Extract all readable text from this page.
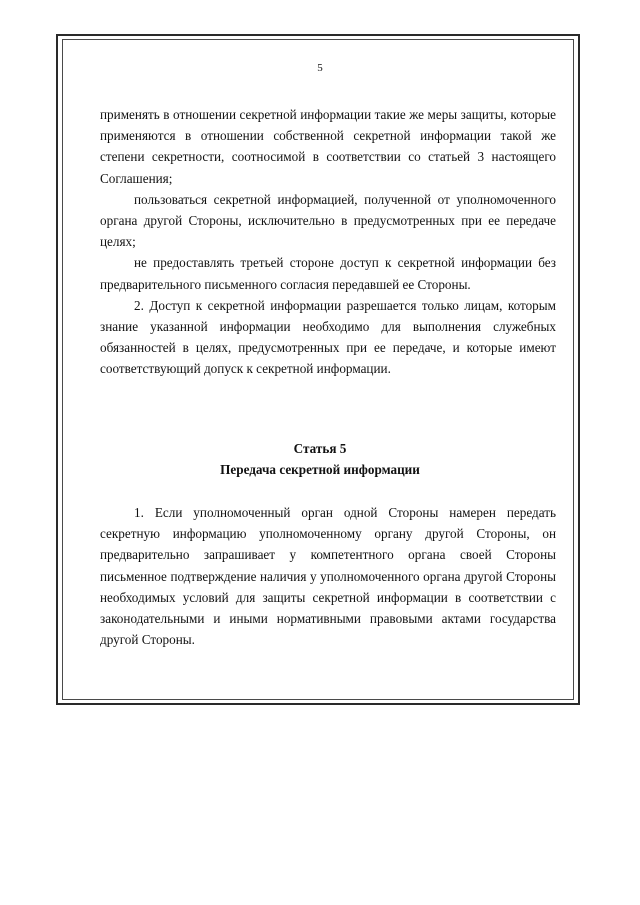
5

применять в отношении секретной информации такие же меры защиты, которые применяются в отношении собственной секретной информации такой же степени секретности, соотносимой в соответствии со статьей 3 настоящего Соглашения;

пользоваться секретной информацией, полученной от уполномоченного органа другой Стороны, исключительно в предусмотренных при ее передаче целях;

не предоставлять третьей стороне доступ к секретной информации без предварительного письменного согласия передавшей ее Стороны.

2. Доступ к секретной информации разрешается только лицам, которым знание указанной информации необходимо для выполнения служебных обязанностей в целях, предусмотренных при ее передаче, и которые имеют соответствующий допуск к секретной информации.

Статья 5
Передача секретной информации

1. Если уполномоченный орган одной Стороны намерен передать секретную информацию уполномоченному органу другой Стороны, он предварительно запрашивает у компетентного органа своей Стороны письменное подтверждение наличия у уполномоченного органа другой Стороны необходимых условий для защиты секретной информации в соответствии с законодательными и иными нормативными правовыми актами государства другой Стороны.
